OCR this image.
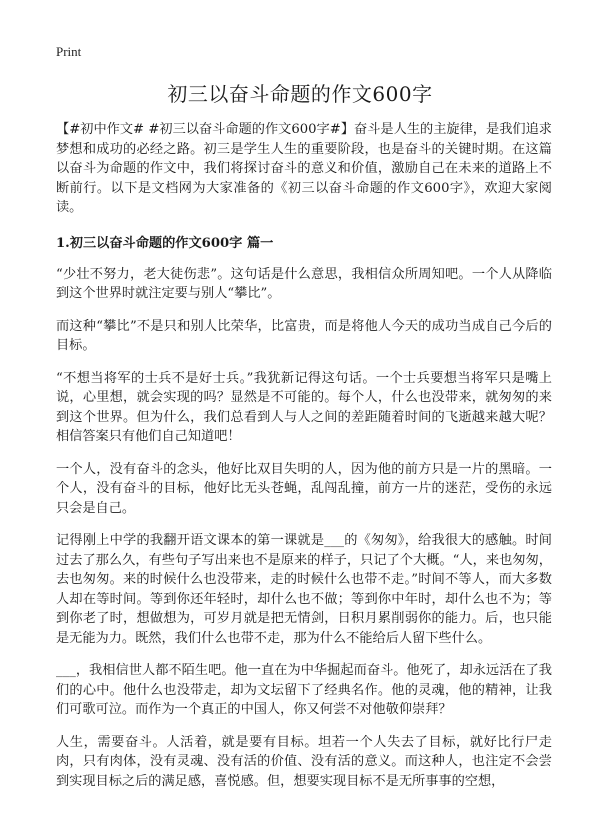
Print
初三以奋斗命题的作文600字

【#初中作文# #初三以奋斗命题的作文600字#】奋斗是人生的主旋律，是我们追求梦想和成功的必经之路。初三是学生人生的重要阶段，也是奋斗的关键时期。在这篇以奋斗为命题的作文中，我们将探讨奋斗的意义和价值，激励自己在未来的道路上不断前行。以下是文档网为大家准备的《初三以奋斗命题的作文600字》，欢迎大家阅读。

1.初三以奋斗命题的作文600字 篇一

“少壮不努力，老大徒伤悲”。这句话是什么意思，我相信众所周知吧。一个人从降临到这个世界时就注定要与别人“攀比”。

而这种“攀比”不是只和别人比荣华，比富贵，而是将他人今天的成功当成自己今后的目标。

“不想当将军的士兵不是好士兵。”我犹新记得这句话。一个士兵要想当将军只是嘴上说，心里想，就会实现的吗？显然是不可能的。每个人，什么也没带来，就匆匆的来到这个世界。但为什么，我们总看到人与人之间的差距随着时间的飞逝越来越大呢？相信答案只有他们自己知道吧！

一个人，没有奋斗的念头，他好比双目失明的人，因为他的前方只是一片的黑暗。一个人，没有奋斗的目标，他好比无头苍蝇，乱闯乱撞，前方一片的迷茫，受伤的永远只会是自己。

记得刚上中学的我翻开语文课本的第一课就是___的《匆匆》，给我很大的感触。时间过去了那么久，有些句子写出来也不是原来的样子，只记了个大概。“人，来也匆匆，去也匆匆。来的时候什么也没带来，走的时候什么也带不走。”时间不等人，而大多数人却在等时间。等到你还年轻时，却什么也不做；等到你中年时，却什么也不为；等到你老了时，想做想为，可岁月就是把无情剑，日积月累削弱你的能力。后，也只能是无能为力。既然，我们什么也带不走，那为什么不能给后人留下些什么。

___，我相信世人都不陌生吧。他一直在为中华掘起而奋斗。他死了，却永远活在了我们的心中。他什么也没带走，却为文坛留下了经典名作。他的灵魂，他的精神，让我们可歌可泣。而作为一个真正的中国人，你又何尝不对他敬仰崇拜？

人生，需要奋斗。人活着，就是要有目标。坦若一个人失去了目标，就好比行尸走肉，只有肉体，没有灵魂、没有活的价值、没有活的意义。而这种人，也注定不会尝到实现目标之后的满足感，喜悦感。但，想要实现目标不是无所事事的空想，
